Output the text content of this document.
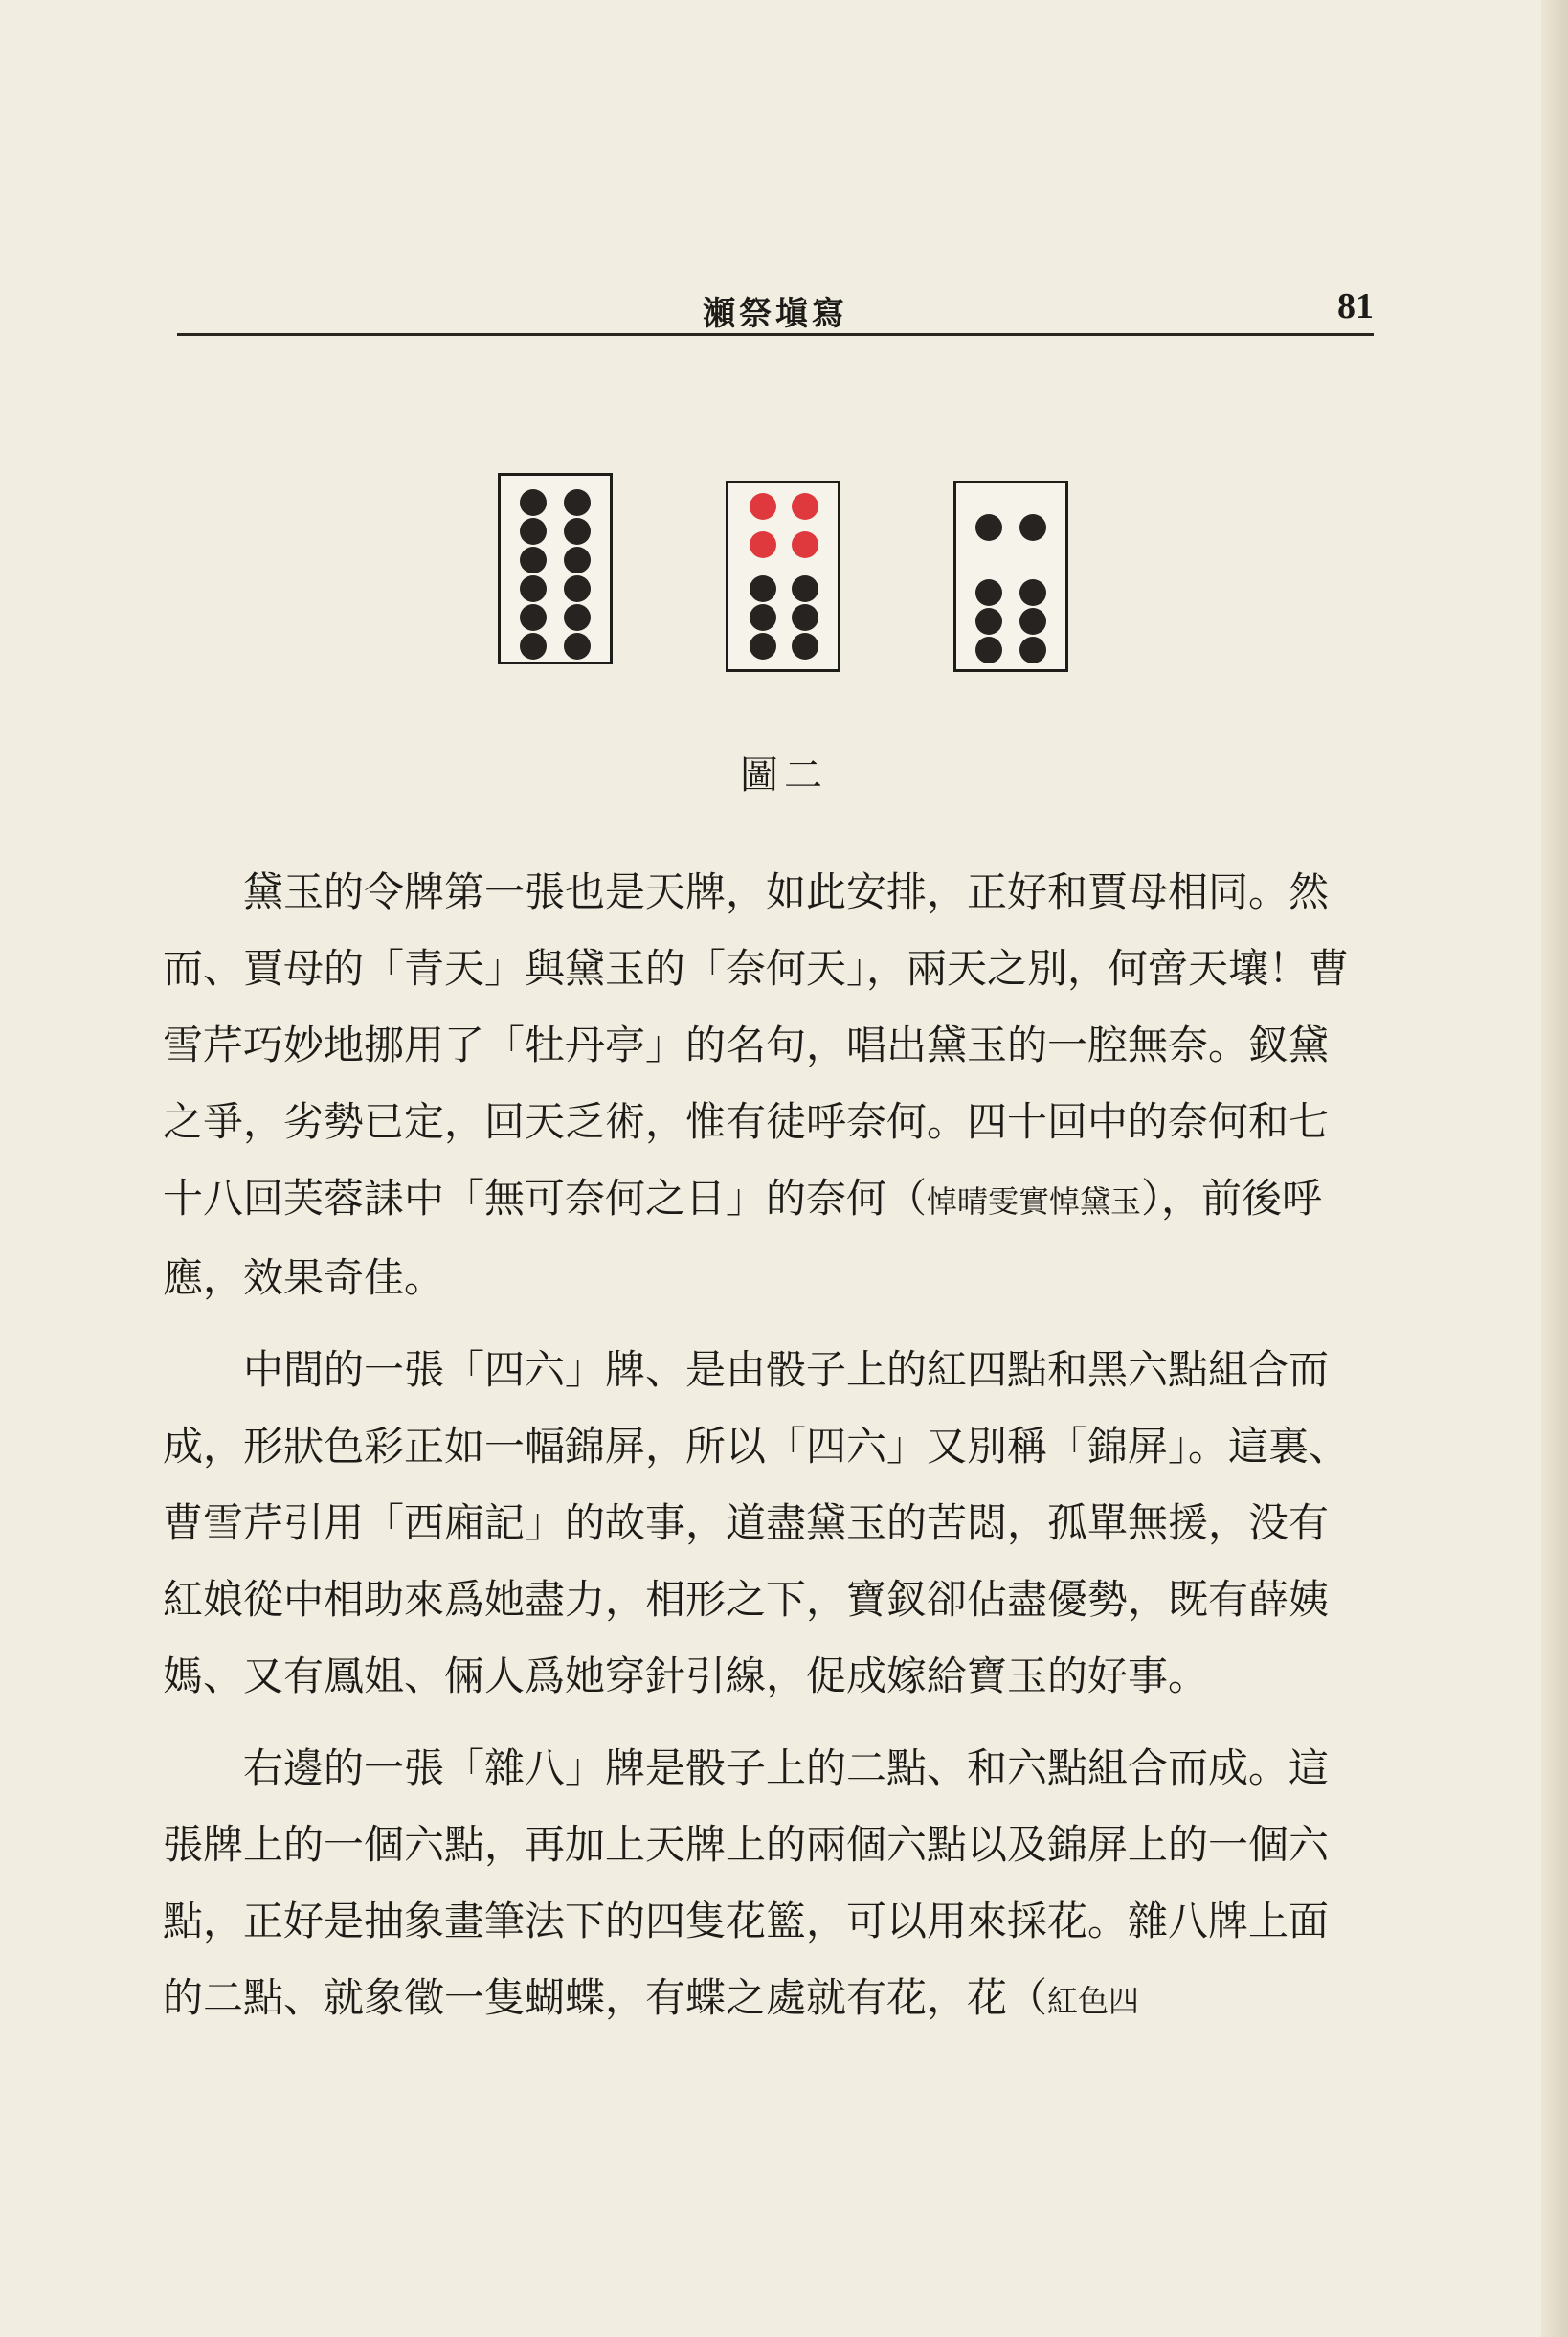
瀬祭塡寫	81
圖二

黛玉的令牌第一張也是天牌，如此安排，正好和賈母相同。然而、賈母的「青天」與黛玉的「奈何天」，兩天之別，何啻天壤！曹雪芹巧妙地挪用了「牡丹亭」的名句，唱出黛玉的一腔無奈。釵黛之爭，劣勢已定，回天乏術，惟有徒呼奈何。四十回中的奈何和七十八回芙蓉誄中「無可奈何之日」的奈何（悼晴雯實悼黛玉），前後呼應，效果奇佳。

中間的一張「四六」牌、是由骰子上的紅四點和黑六點組合而成，形狀色彩正如一幅錦屏，所以「四六」又別稱「錦屏」。這裏、曹雪芹引用「西廂記」的故事，道盡黛玉的苦悶，孤單無援，没有紅娘從中相助來爲她盡力，相形之下，寶釵卻佔盡優勢，既有薛姨媽、又有鳳姐、倆人爲她穿針引線，促成嫁給寶玉的好事。

右邊的一張「雜八」牌是骰子上的二點、和六點組合而成。這張牌上的一個六點，再加上天牌上的兩個六點以及錦屏上的一個六點，正好是抽象畫筆法下的四隻花籃，可以用來採花。雜八牌上面的二點、就象徵一隻蝴蝶，有蝶之處就有花，花（紅色四
